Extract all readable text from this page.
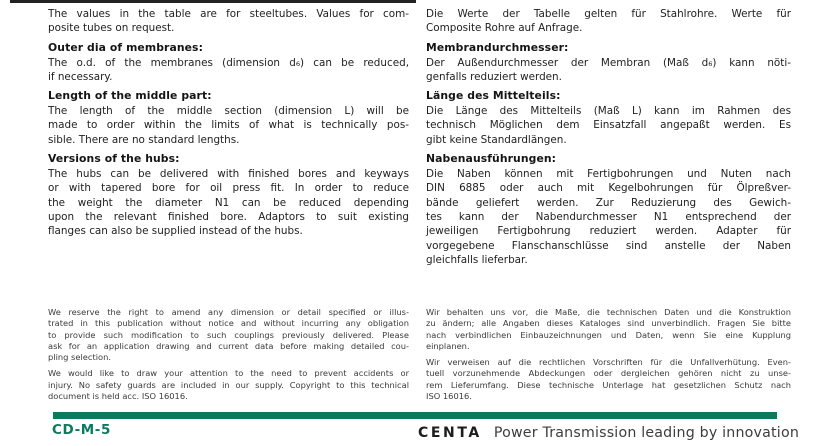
The values in the table are for steeltubes. Values for com-
posite tubes on request.
Outer dia of membranes:
The o.d. of the membranes (dimension d₆) can be reduced,
if necessary.
Length of the middle part:
The length of the middle section (dimension L) will be
made to order within the limits of what is technically pos-
sible. There are no standard lengths.
Versions of the hubs:
The hubs can be delivered with finished bores and keyways
or with tapered bore for oil press fit. In order to reduce
the weight the diameter N1 can be reduced depending
upon the relevant finished bore. Adaptors to suit existing
flanges can also be supplied instead of the hubs.
Die Werte der Tabelle gelten für Stahlrohre. Werte für
Composite Rohre auf Anfrage.
Membrandurchmesser:
Der Außendurchmesser der Membran (Maß d₆) kann nöti-
genfalls reduziert werden.
Länge des Mittelteils:
Die Länge des Mittelteils (Maß L) kann im Rahmen des
technisch Möglichen dem Einsatzfall angepaßt werden. Es
gibt keine Standardlängen.
Nabenausführungen:
Die Naben können mit Fertigbohrungen und Nuten nach
DIN 6885 oder auch mit Kegelbohrungen für Ölpreßver-
bände geliefert werden. Zur Reduzierung des Gewich-
tes kann der Nabendurchmesser N1 entsprechend der
jeweiligen Fertigbohrung reduziert werden. Adapter für
vorgegebene Flanschanschlüsse sind anstelle der Naben
gleichfalls lieferbar.
We reserve the right to amend any dimension or detail specified or illus-
trated in this publication without notice and without incurring any obligation
to provide such modification to such couplings previously delivered. Please
ask for an application drawing and current data before making detailed cou-
pling selection.
We would like to draw your attention to the need to prevent accidents or
injury. No safety guards are included in our supply. Copyright to this technical
document is held acc. ISO 16016.
Wir behalten uns vor, die Maße, die technischen Daten und die Konstruktion
zu ändern; alle Angaben dieses Kataloges sind unverbindlich. Fragen Sie bitte
nach verbindlichen Einbauzeichnungen und Daten, wenn Sie eine Kupplung
einplanen.
Wir verweisen auf die rechtlichen Vorschriften für die Unfallverhütung. Even-
tuell vorzunehmende Abdeckungen oder dergleichen gehören nicht zu unse-
rem Lieferumfang. Diese technische Unterlage hat gesetzlichen Schutz nach
ISO 16016.
CD-M-5	CENTA Power Transmission leading by innovation
